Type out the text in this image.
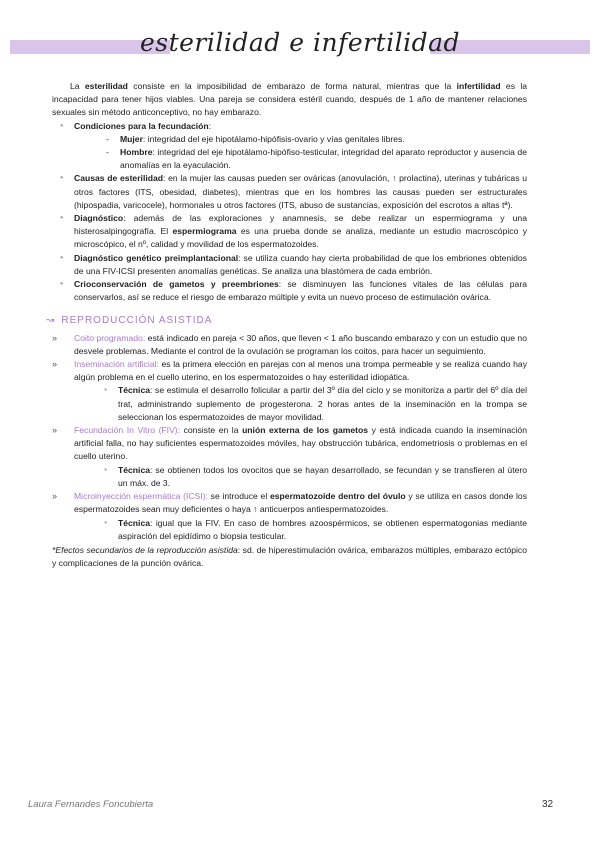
esterilidad e infertilidad

La esterilidad consiste en la imposibilidad de embarazo de forma natural, mientras que la infertilidad es la incapacidad para tener hijos viables. Una pareja se considera estéril cuando, después de 1 año de mantener relaciones sexuales sin método anticonceptivo, no hay embarazo.

● Condiciones para la fecundación:

- Mujer: integridad del eje hipotálamo-hipófisis-ovario y vías genitales libres.

- Hombre: integridad del eje hipotálamo-hipófiso-testicular, integridad del aparato reproductor y ausencia de anomalías en la eyaculación.

● Causas de esterilidad: en la mujer las causas pueden ser ováricas (anovulación, ↑ prolactina), uterinas y tubáricas u otros factores (ITS, obesidad, diabetes), mientras que en los hombres las causas pueden ser estructurales (hipospadia, varicocele), hormonales u otros factores (ITS, abuso de sustancias, exposición del escrotos a altas tª).

● Diagnóstico: además de las exploraciones y anamnesis, se debe realizar un espermiograma y una histerosalpingografía. El espermiograma es una prueba donde se analiza, mediante un estudio macroscópico y microscópico, el nº, calidad y movilidad de los espermatozoides.

● Diagnóstico genético preimplantacional: se utiliza cuando hay cierta probabilidad de que los embriones obtenidos de una FIV-ICSI presenten anomalías genéticas. Se analiza una blastómera de cada embrión.

● Crioconservación de gametos y preembriones: se disminuyen las funciones vitales de las células para conservarlos, así se reduce el riesgo de embarazo múltiple y evita un nuevo proceso de estimulación ovárica.

↝ REPRODUCCIÓN ASISTIDA
» Coito programado: está indicado en pareja < 30 años, que lleven < 1 año buscando embarazo y con un estudio que no desvele problemas. Mediante el control de la ovulación se programan los coitos, para hacer un seguimiento.

» Inseminación artificial: es la primera elección en parejas con al menos una trompa permeable y se realiza cuando hay algún problema en el cuello uterino, en los espermatozoides o hay esterilidad idiopática.

● Técnica: se estimula el desarrollo folicular a partir del 3º día del ciclo y se monitoriza a partir del 6º día del trat, administrando suplemento de progesterona. 2 horas antes de la inseminación en la trompa se seleccionan los espermatozoides de mayor movilidad.

» Fecundación In Vitro (FIV): consiste en la unión externa de los gametos y está indicada cuando la inseminación artificial falla, no hay suficientes espermatozoides móviles, hay obstrucción tubárica, endometriosis o problemas en el cuello uterino.

● Técnica: se obtienen todos los ovocitos que se hayan desarrollado, se fecundan y se transfieren al útero un máx. de 3.

» Microinyección espermática (ICSI): se introduce el espermatozoide dentro del óvulo y se utiliza en casos donde los espermatozoides sean muy deficientes o haya ↑ anticuerpos antiespermatozoides.

● Técnica: igual que la FIV. En caso de hombres azoospérmicos, se obtienen espermatogonias mediante aspiración del epidídimo o biopsia testicular.

*Efectos secundarios de la reproducción asistida: sd. de hiperestimulación ovárica, embarazos múltiples, embarazo ectópico y complicaciones de la punción ovárica.

Laura Fernandes Foncubierta	32
